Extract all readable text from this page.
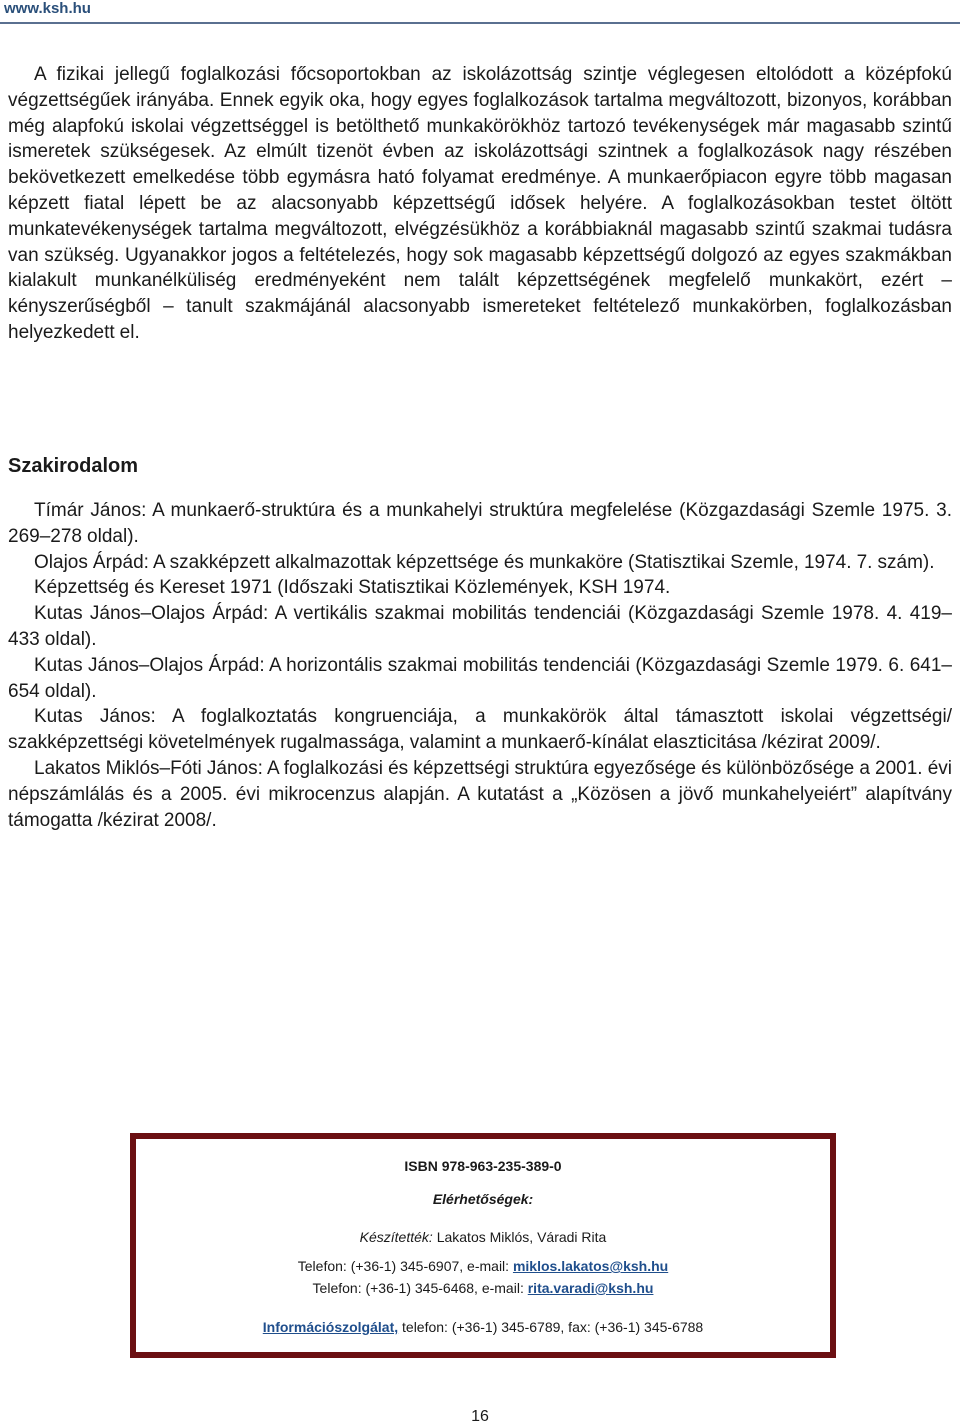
www.ksh.hu

A fizikai jellegű foglalkozási főcsoportokban az iskolázottság szintje véglegesen eltolódott a középfokú végzettségűek irányába. Ennek egyik oka, hogy egyes foglalkozások tartalma megváltozott, bizonyos, korábban még alapfokú iskolai végzettséggel is betölthető munkakörökhöz tartozó tevékenységek már magasabb szintű ismeretek szükségesek. Az elmúlt tizenöt évben az iskolázottsági szintnek a foglalkozások nagy részében bekövetkezett emelkedése több egymásra ható folyamat eredménye. A munkaerőpiacon egyre több magasan képzett fiatal lépett be az alacsonyabb képzettségű idősek helyére. A foglalkozásokban testet öltött munkatevékenységek tartalma megváltozott, elvégzésükhöz a korábbiaknál magasabb szintű szakmai tudásra van szükség. Ugyanakkor jogos a feltételezés, hogy sok magasabb képzettségű dolgozó az egyes szakmákban kialakult munkanélküliség eredményeként nem talált képzettségének megfelelő munkakört, ezért – kényszerűségből – tanult szakmájánál alacsonyabb ismereteket feltételező munkakörben, foglalkozásban helyezkedett el.

Szakirodalom
Tímár János: A munkaerő-struktúra és a munkahelyi struktúra megfelelése (Közgazdasági Szemle 1975. 3. 269–278 oldal).
Olajos Árpád: A szakképzett alkalmazottak képzettsége és munkaköre (Statisztikai Szemle, 1974. 7. szám).
Képzettség és Kereset 1971 (Időszaki Statisztikai Közlemények, KSH 1974.
Kutas János–Olajos Árpád: A vertikális szakmai mobilitás tendenciái (Közgazdasági Szemle 1978. 4. 419–433 oldal).
Kutas János–Olajos Árpád: A horizontális szakmai mobilitás tendenciái (Közgazdasági Szemle 1979. 6. 641–654 oldal).
Kutas János: A foglalkoztatás kongruenciája, a munkakörök által támasztott iskolai végzettségi/ szakképzettségi követelmények rugalmassága, valamint a munkaerő-kínálat elaszticitása /kézirat 2009/.
Lakatos Miklós–Fóti János: A foglalkozási és képzettségi struktúra egyezősége és különbözősége a 2001. évi népszámlálás és a 2005. évi mikrocenzus alapján. A kutatást a „Közösen a jövő munkahelyeiért” alapítvány támogatta /kézirat 2008/.
ISBN 978-963-235-389-0
Elérhetőségek:
Készítették: Lakatos Miklós, Váradi Rita
Telefon: (+36-1) 345-6907, e-mail: miklos.lakatos@ksh.hu
Telefon: (+36-1) 345-6468, e-mail: rita.varadi@ksh.hu
Információszolgálat, telefon: (+36-1) 345-6789, fax: (+36-1) 345-6788
16
